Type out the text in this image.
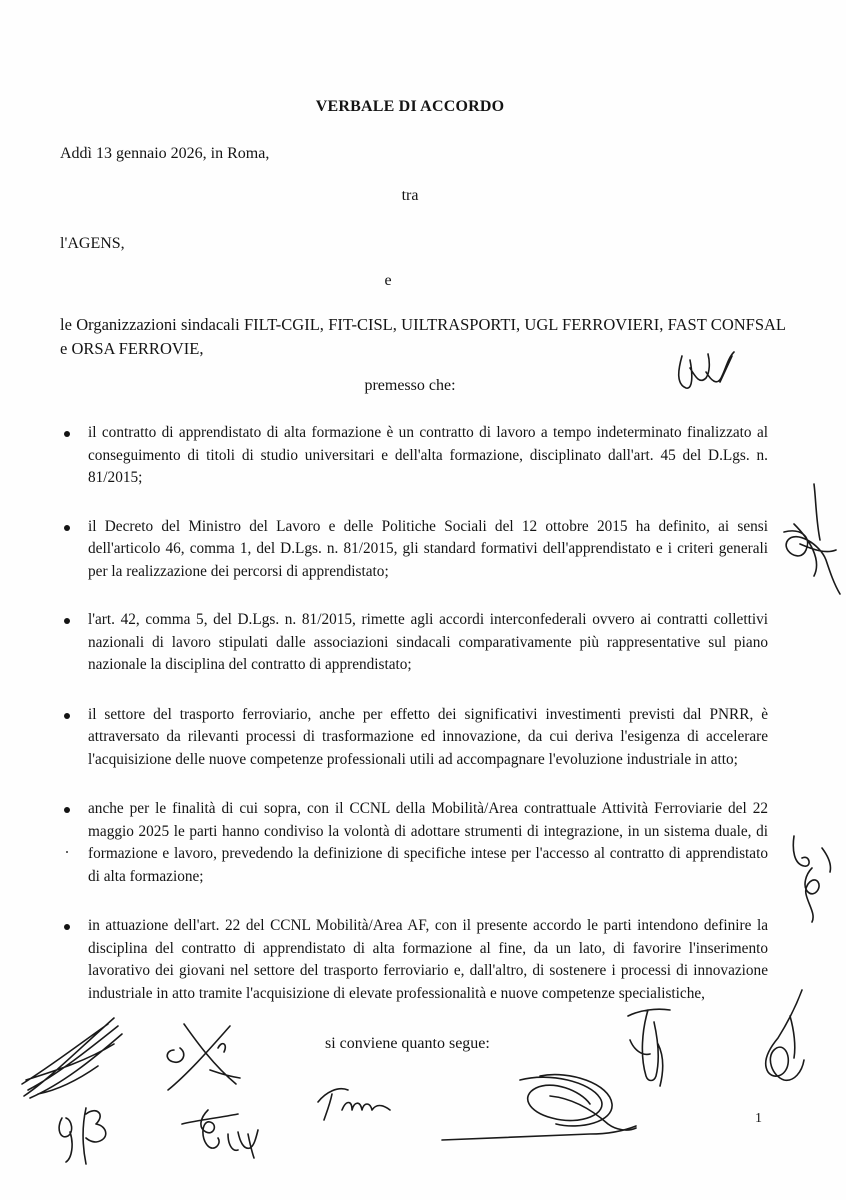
VERBALE DI ACCORDO
Addì 13 gennaio 2026, in Roma,
tra
l'AGENS,
e
le Organizzazioni sindacali FILT-CGIL, FIT-CISL, UILTRASPORTI, UGL FERROVIERI, FAST CONFSAL e ORSA FERROVIE,
premesso che:
il contratto di apprendistato di alta formazione è un contratto di lavoro a tempo indeterminato finalizzato al conseguimento di titoli di studio universitari e dell'alta formazione, disciplinato dall'art. 45 del D.Lgs. n. 81/2015;
il Decreto del Ministro del Lavoro e delle Politiche Sociali del 12 ottobre 2015 ha definito, ai sensi dell'articolo 46, comma 1, del D.Lgs. n. 81/2015, gli standard formativi dell'apprendistato e i criteri generali per la realizzazione dei percorsi di apprendistato;
l'art. 42, comma 5, del D.Lgs. n. 81/2015, rimette agli accordi interconfederali ovvero ai contratti collettivi nazionali di lavoro stipulati dalle associazioni sindacali comparativamente più rappresentative sul piano nazionale la disciplina del contratto di apprendistato;
il settore del trasporto ferroviario, anche per effetto dei significativi investimenti previsti dal PNRR, è attraversato da rilevanti processi di trasformazione ed innovazione, da cui deriva l'esigenza di accelerare l'acquisizione delle nuove competenze professionali utili ad accompagnare l'evoluzione industriale in atto;
anche per le finalità di cui sopra, con il CCNL della Mobilità/Area contrattuale Attività Ferroviarie del 22 maggio 2025 le parti hanno condiviso la volontà di adottare strumenti di integrazione, in un sistema duale, di formazione e lavoro, prevedendo la definizione di specifiche intese per l'accesso al contratto di apprendistato di alta formazione;
in attuazione dell'art. 22 del CCNL Mobilità/Area AF, con il presente accordo le parti intendono definire la disciplina del contratto di apprendistato di alta formazione al fine, da un lato, di favorire l'inserimento lavorativo dei giovani nel settore del trasporto ferroviario e, dall'altro, di sostenere i processi di innovazione industriale in atto tramite l'acquisizione di elevate professionalità e nuove competenze specialistiche,
si conviene quanto segue:
1
